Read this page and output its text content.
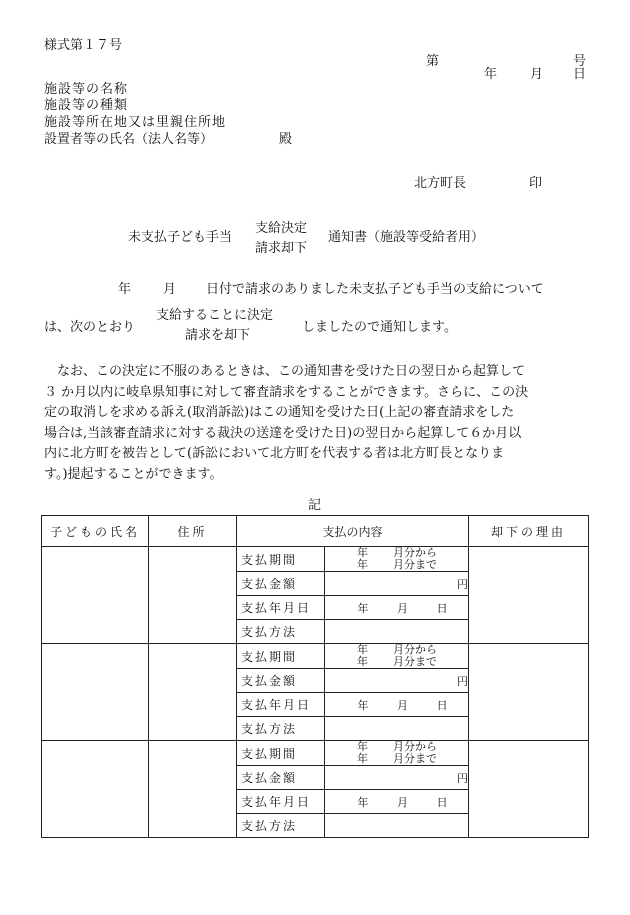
様式第１７号
第	号
年	月 日
施設等の名称
施設等の種類
施設等所在地又は里親住所地
設置者等の氏名（法人名等）	殿
北方町長	印
未支払子ども手当
支給決定
請求却下
通知書（施設等受給者用）
年 月 日付で請求のありました未支払子ども手当の支給について
は、次のとおり
支給することに決定
請求を却下
しましたので通知します。
　なお、この決定に不服のあるときは、この通知書を受けた日の翌日から起算して
３ か月以内に岐阜県知事に対して審査請求をすることができます。さらに、この決
定の取消しを求める訴え(取消訴訟)はこの通知を受けた日(上記の審査請求をした
場合は,当該審査請求に対する裁決の送達を受けた日)の翌日から起算して６か月以
内に北方町を被告として(訴訟において北方町を代表する者は北方町長となりま
す。)提起することができます。
記
子どもの氏名	住所	支払の内容		却下の理由
		支払期間	年 月分から
年 月分まで	

		支払金額	円	
		支払年月日	年 月 日	

		支払方法		
		支払期間	年 月分から
年 月分まで	

		支払金額	円	
		支払年月日	年 月 日	

		支払方法		
		支払期間	年 月分から
年 月分まで	

		支払金額	円	
		支払年月日	年 月 日	

		支払方法		
